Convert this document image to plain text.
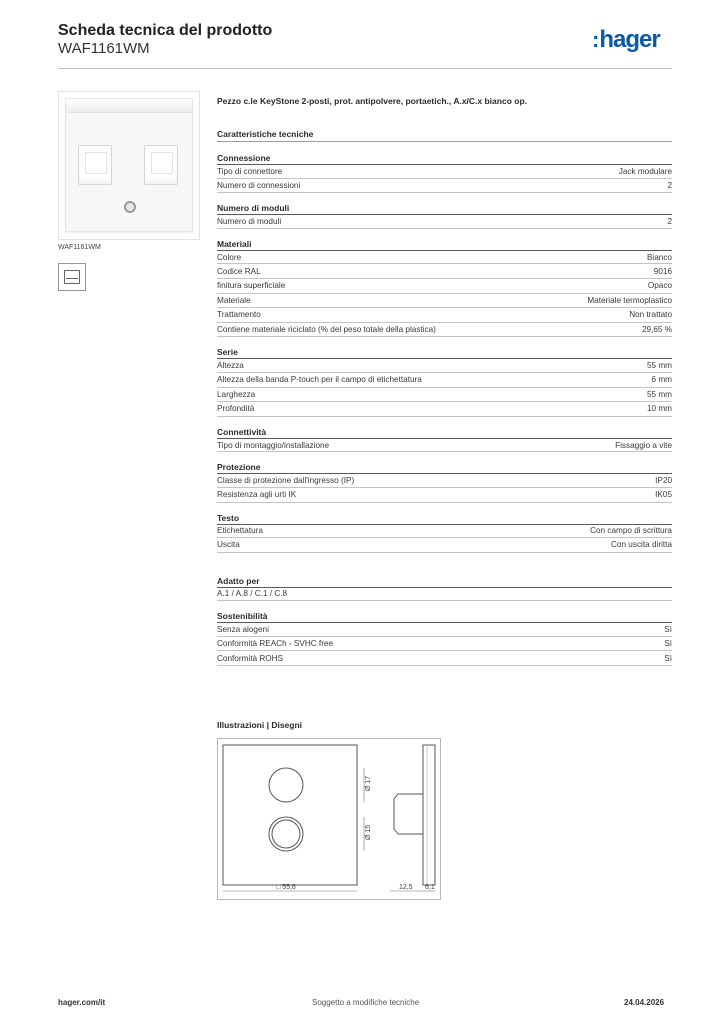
Scheda tecnica del prodotto
WAF1161WM	:hager
WAF1161WM
Pezzo c.le KeyStone 2-posti, prot. antipolvere, portaetich., A.x/C.x bianco op.
Caratteristiche tecniche
Connessione
Tipo di connettore	Jack modulare
Numero di connessioni	2
Numero di moduli
Numero di moduli	2
Materiali
Colore	Bianco
Codice RAL	9016
finitura superficiale	Opaco
Materiale	Materiale termoplastico
Trattamento	Non trattato
Contiene materiale riciclato (% del peso totale della plastica)	29,65 %
Serie
Altezza	55 mm
Altezza della banda P-touch per il campo di etichettatura	6 mm
Larghezza	55 mm
Profondità	10 mm
Connettività
Tipo di montaggio/installazione	Fissaggio a vite
Protezione
Classe di protezione dall'ingresso (IP)	IP20
Resistenza agli urti IK	IK05
Testo
Etichettatura	Con campo di scrittura
Uscita	Con uscita diritta
Adatto per
A.1 / A.8 / C.1 / C.8
Sostenibilità
Senza alogeni	Sì
Conformità REACh - SVHC free	Sì
Conformità ROHS	Sì
Illustrazioni | Disegni
□ 55,6
Ø 17
Ø 15
12,5 6,1
hager.com/it	Soggetto a modifiche tecniche	24.04.2026
